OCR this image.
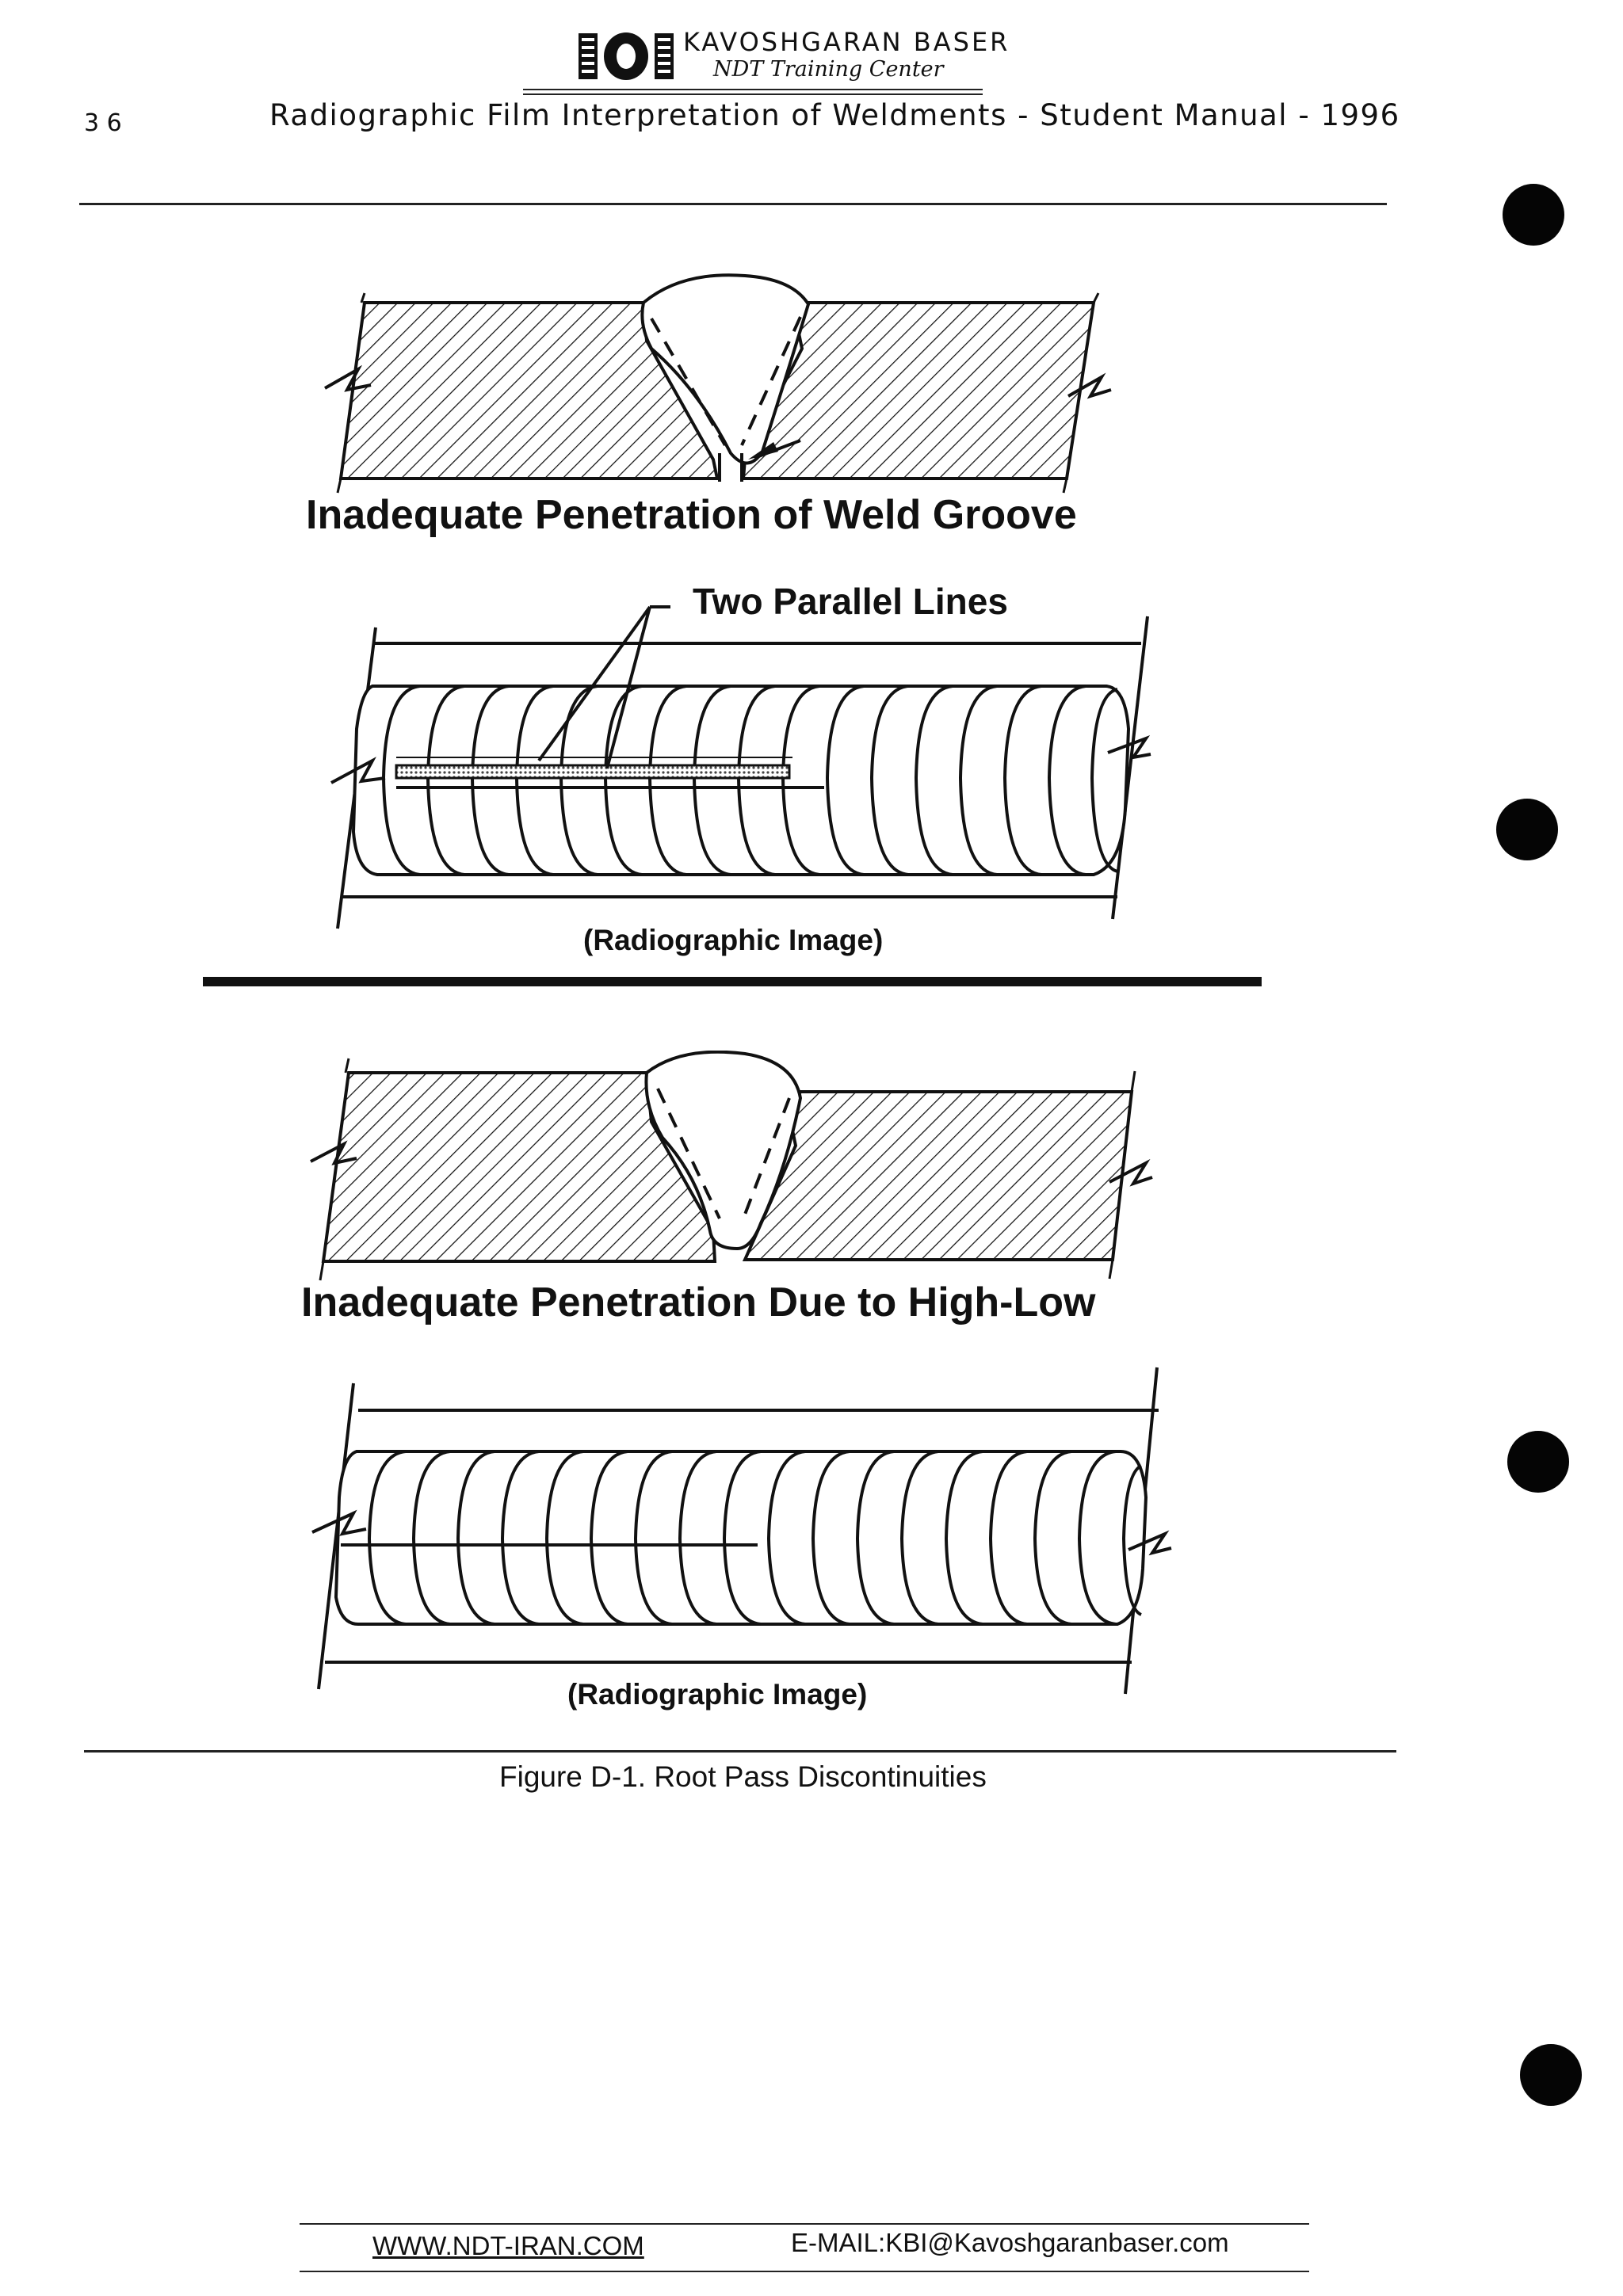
KAVOSHGARAN BASER
NDT Training Center
3 6	Radiographic Film Interpretation of Weldments - Student Manual - 1996
Inadequate Penetration of Weld Groove
Two Parallel Lines
(Radiographic Image)
Inadequate Penetration Due to High-Low
(Radiographic Image)
Figure D-1. Root Pass Discontinuities
WWW.NDT-IRAN.COM	E-MAIL:KBI@Kavoshgaranbaser.com
